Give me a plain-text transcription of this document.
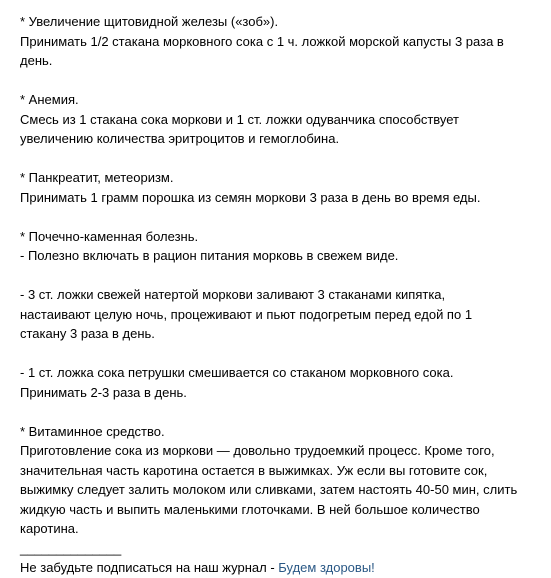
* Увеличение щитовидной железы («зоб»).
Принимать 1/2 стакана морковного сока с 1 ч. ложкой морской капусты 3 раза в
день.
* Анемия.
Смесь из 1 стакана сока моркови и 1 ст. ложки одуванчика способствует
увеличению количества эритроцитов и гемоглобина.
* Панкреатит, метеоризм.
Принимать 1 грамм порошка из семян моркови 3 раза в день во время еды.
* Почечно-каменная болезнь.
- Полезно включать в рацион питания морковь в свежем виде.
- 3 ст. ложки свежей натертой моркови заливают 3 стаканами кипятка,
настаивают целую ночь, процеживают и пьют подогретым перед едой по 1
стакану 3 раза в день.
- 1 ст. ложка сока петрушки смешивается со стаканом морковного сока.
Принимать 2-3 раза в день.
* Витаминное средство.
Приготовление сока из моркови — довольно трудоемкий процесс. Кроме того,
значительная часть каротина остается в выжимках. Уж если вы готовите сок,
выжимку следует залить молоком или сливками, затем настоять 40-50 мин, слить
жидкую часть и выпить маленькими глоточками. В ней большое количество
каротина.
______________
Не забудьте подписаться на наш журнал - Будем здоровы!
